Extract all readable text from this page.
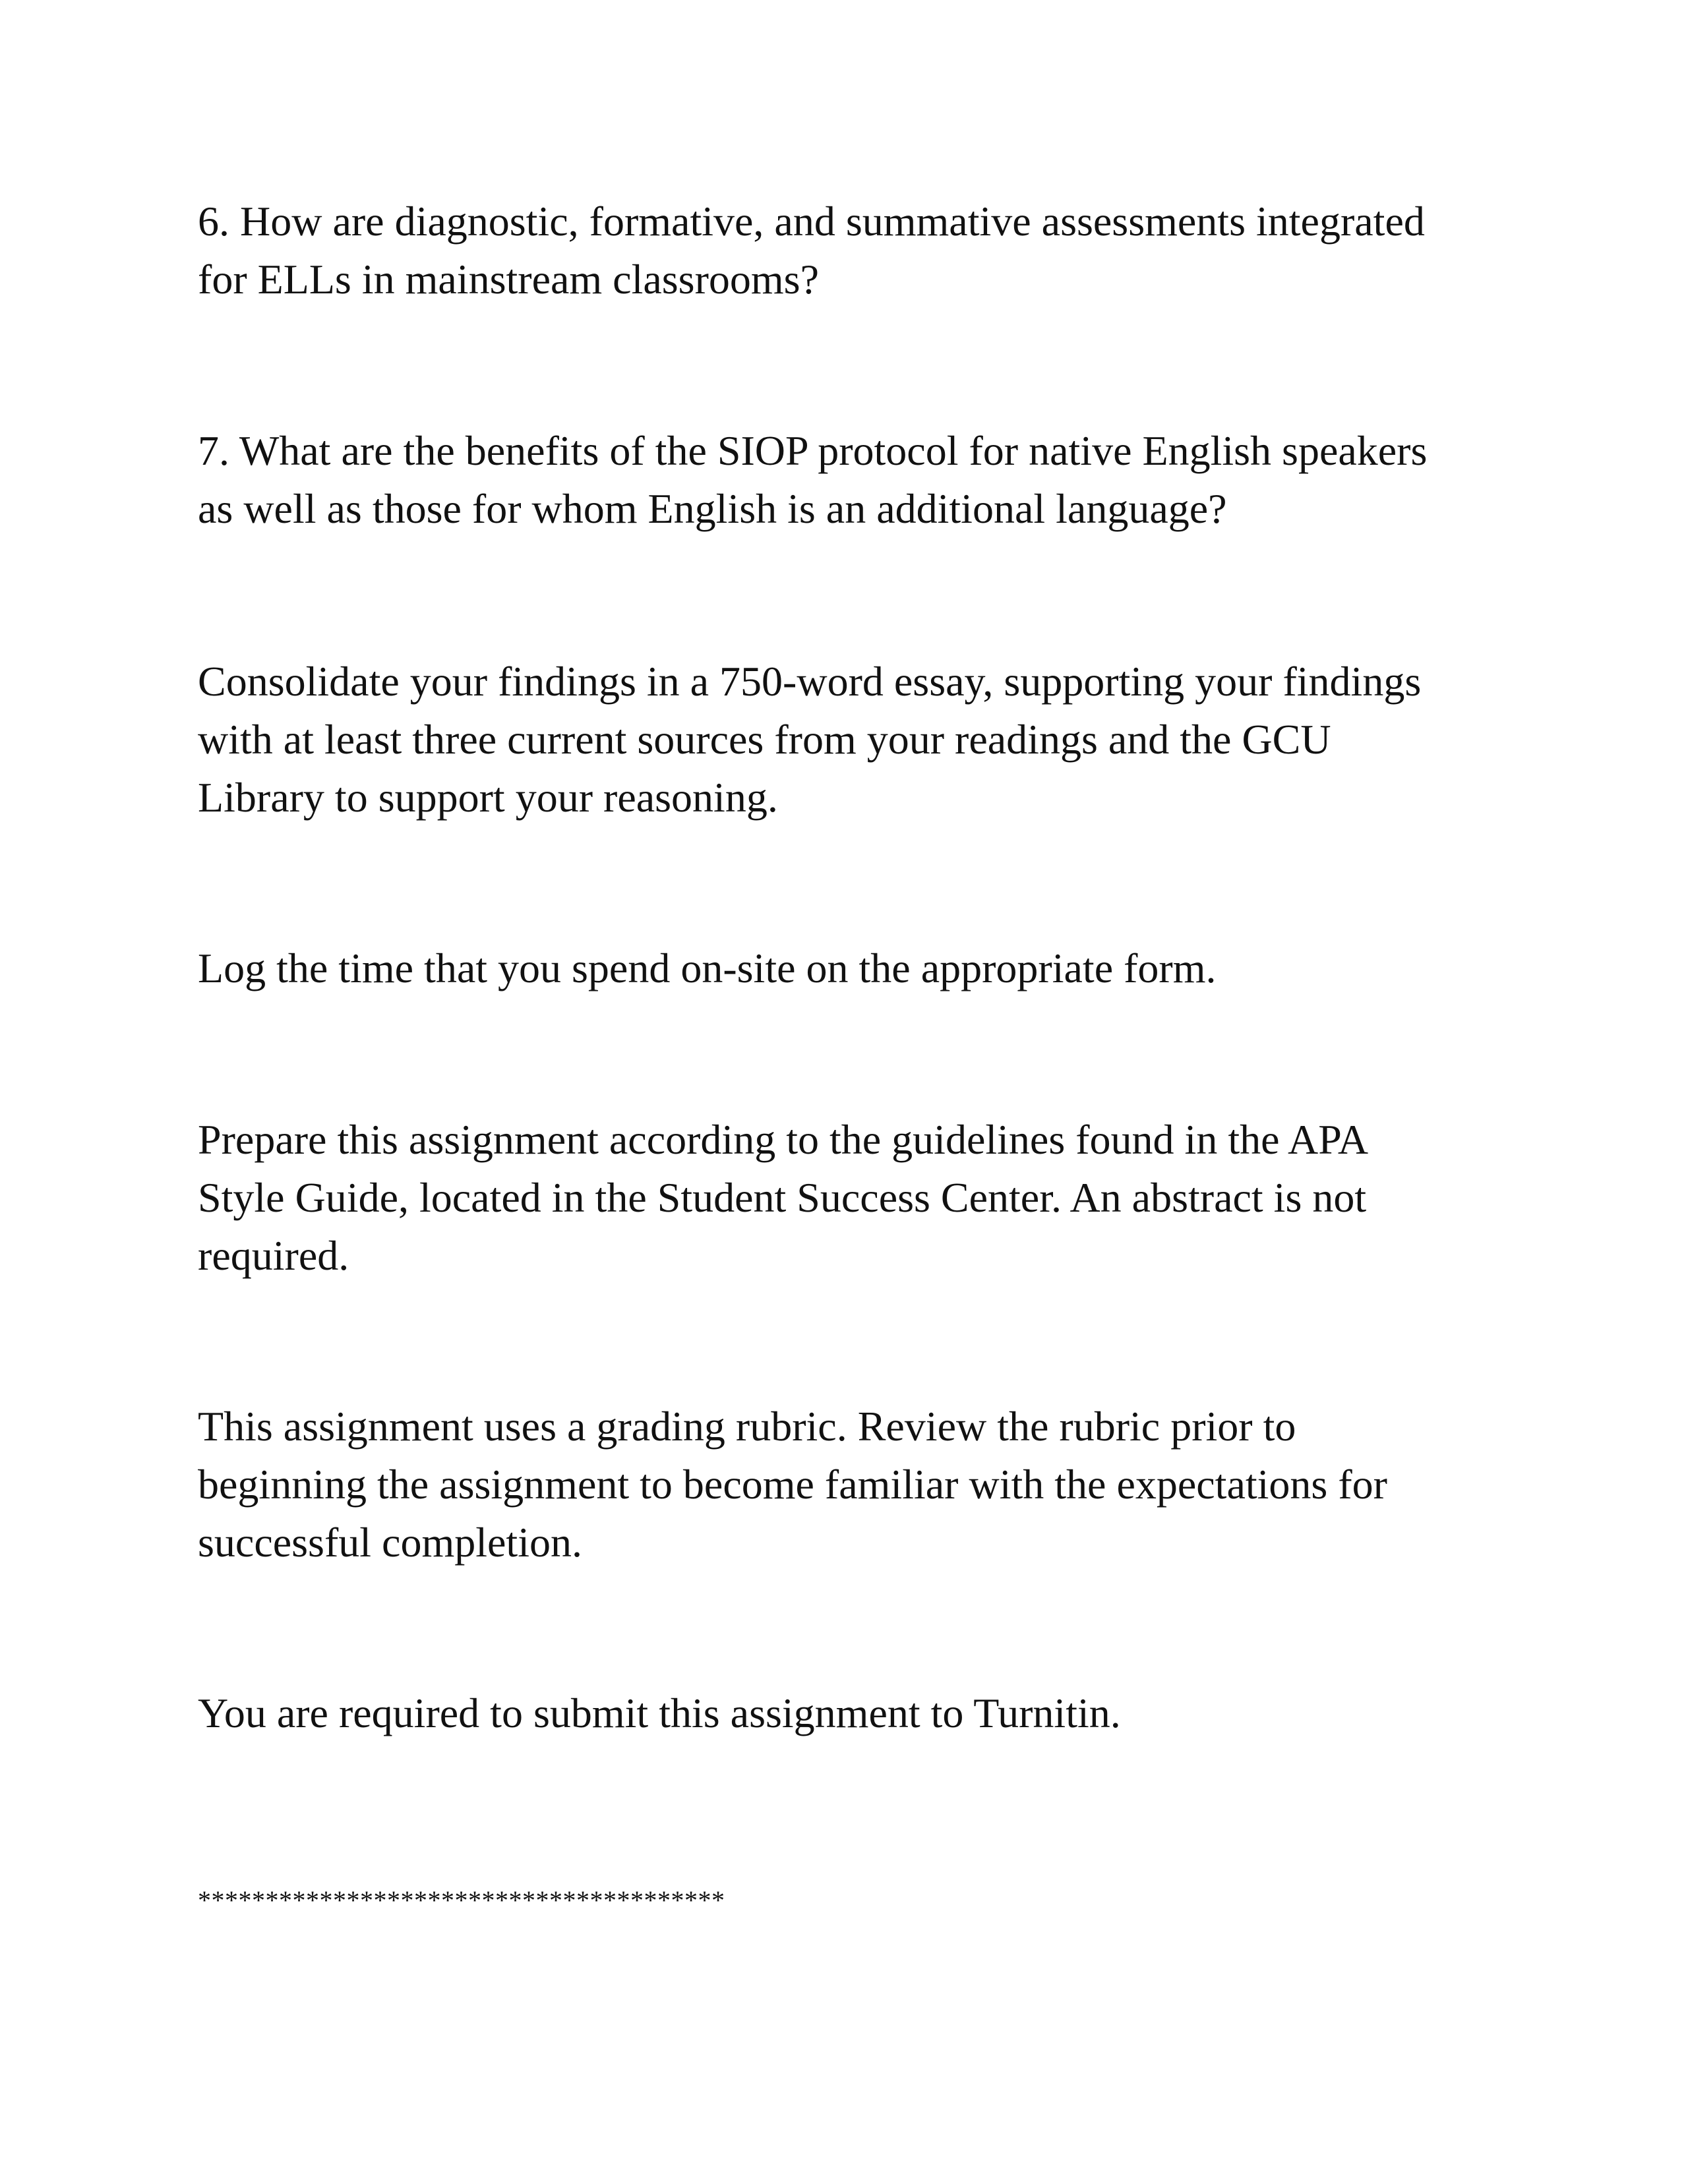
6. How are diagnostic, formative, and summative assessments integrated
for ELLs in mainstream classrooms?

7. What are the benefits of the SIOP protocol for native English speakers
as well as those for whom English is an additional language?

Consolidate your findings in a 750-word essay, supporting your findings
with at least three current sources from your readings and the GCU
Library to support your reasoning.

Log the time that you spend on-site on the appropriate form.

Prepare this assignment according to the guidelines found in the APA
Style Guide, located in the Student Success Center. An abstract is not
required.

This assignment uses a grading rubric. Review the rubric prior to
beginning the assignment to become familiar with the expectations for
successful completion.

You are required to submit this assignment to Turnitin.

***************************************
